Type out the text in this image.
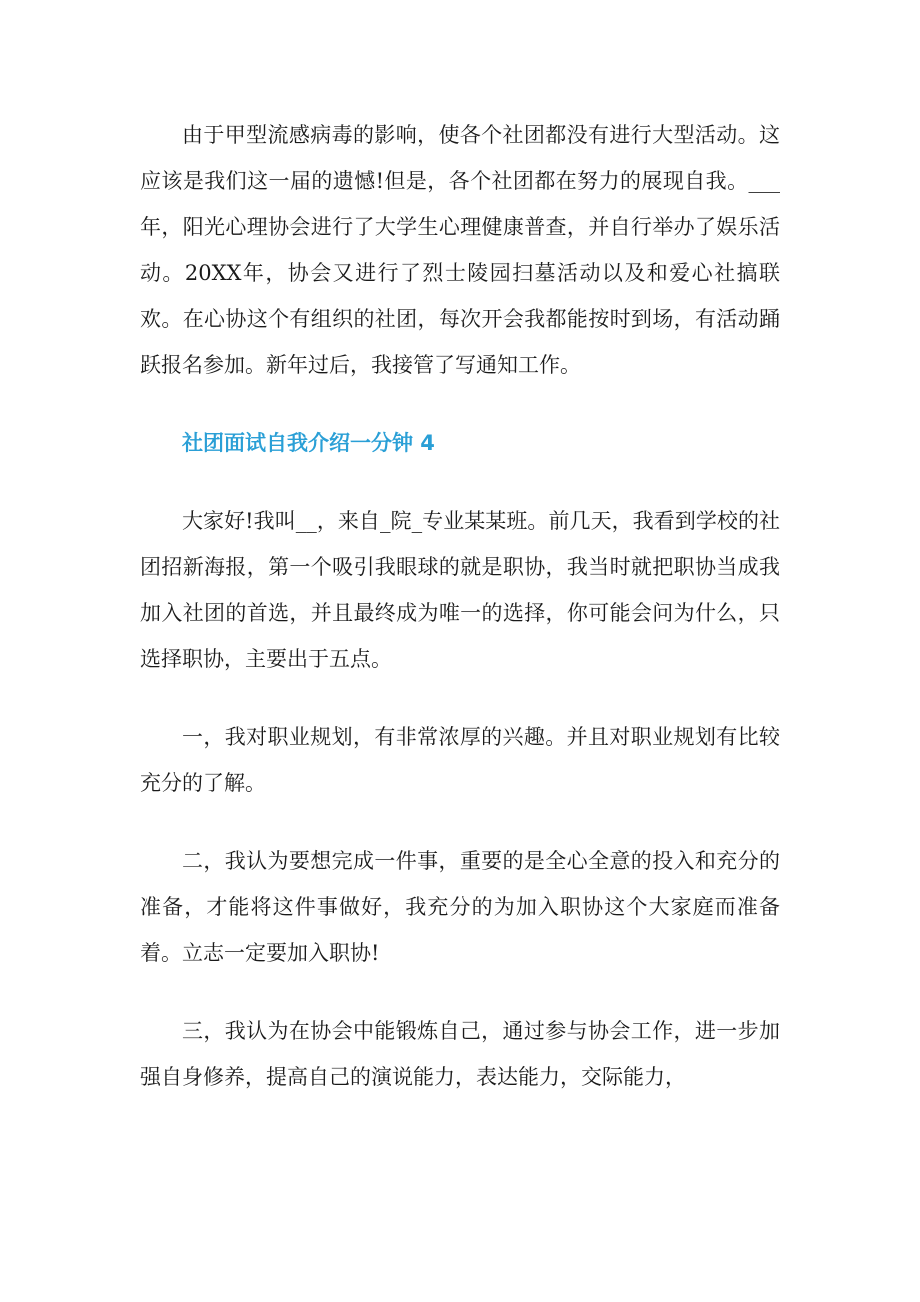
由于甲型流感病毒的影响，使各个社团都没有进行大型活动。这应该是我们这一届的遗憾!但是，各个社团都在努力的展现自我。___年，阳光心理协会进行了大学生心理健康普查，并自行举办了娱乐活动。20XX年，协会又进行了烈士陵园扫墓活动以及和爱心社搞联欢。在心协这个有组织的社团，每次开会我都能按时到场，有活动踊跃报名参加。新年过后，我接管了写通知工作。

社团面试自我介绍一分钟 4

大家好!我叫__，来自_院_专业某某班。前几天，我看到学校的社团招新海报，第一个吸引我眼球的就是职协，我当时就把职协当成我加入社团的首选，并且最终成为唯一的选择，你可能会问为什么，只选择职协，主要出于五点。

一，我对职业规划，有非常浓厚的兴趣。并且对职业规划有比较充分的了解。

二，我认为要想完成一件事，重要的是全心全意的投入和充分的准备，才能将这件事做好，我充分的为加入职协这个大家庭而准备着。立志一定要加入职协!

三，我认为在协会中能锻炼自己，通过参与协会工作，进一步加强自身修养，提高自己的演说能力，表达能力，交际能力，
